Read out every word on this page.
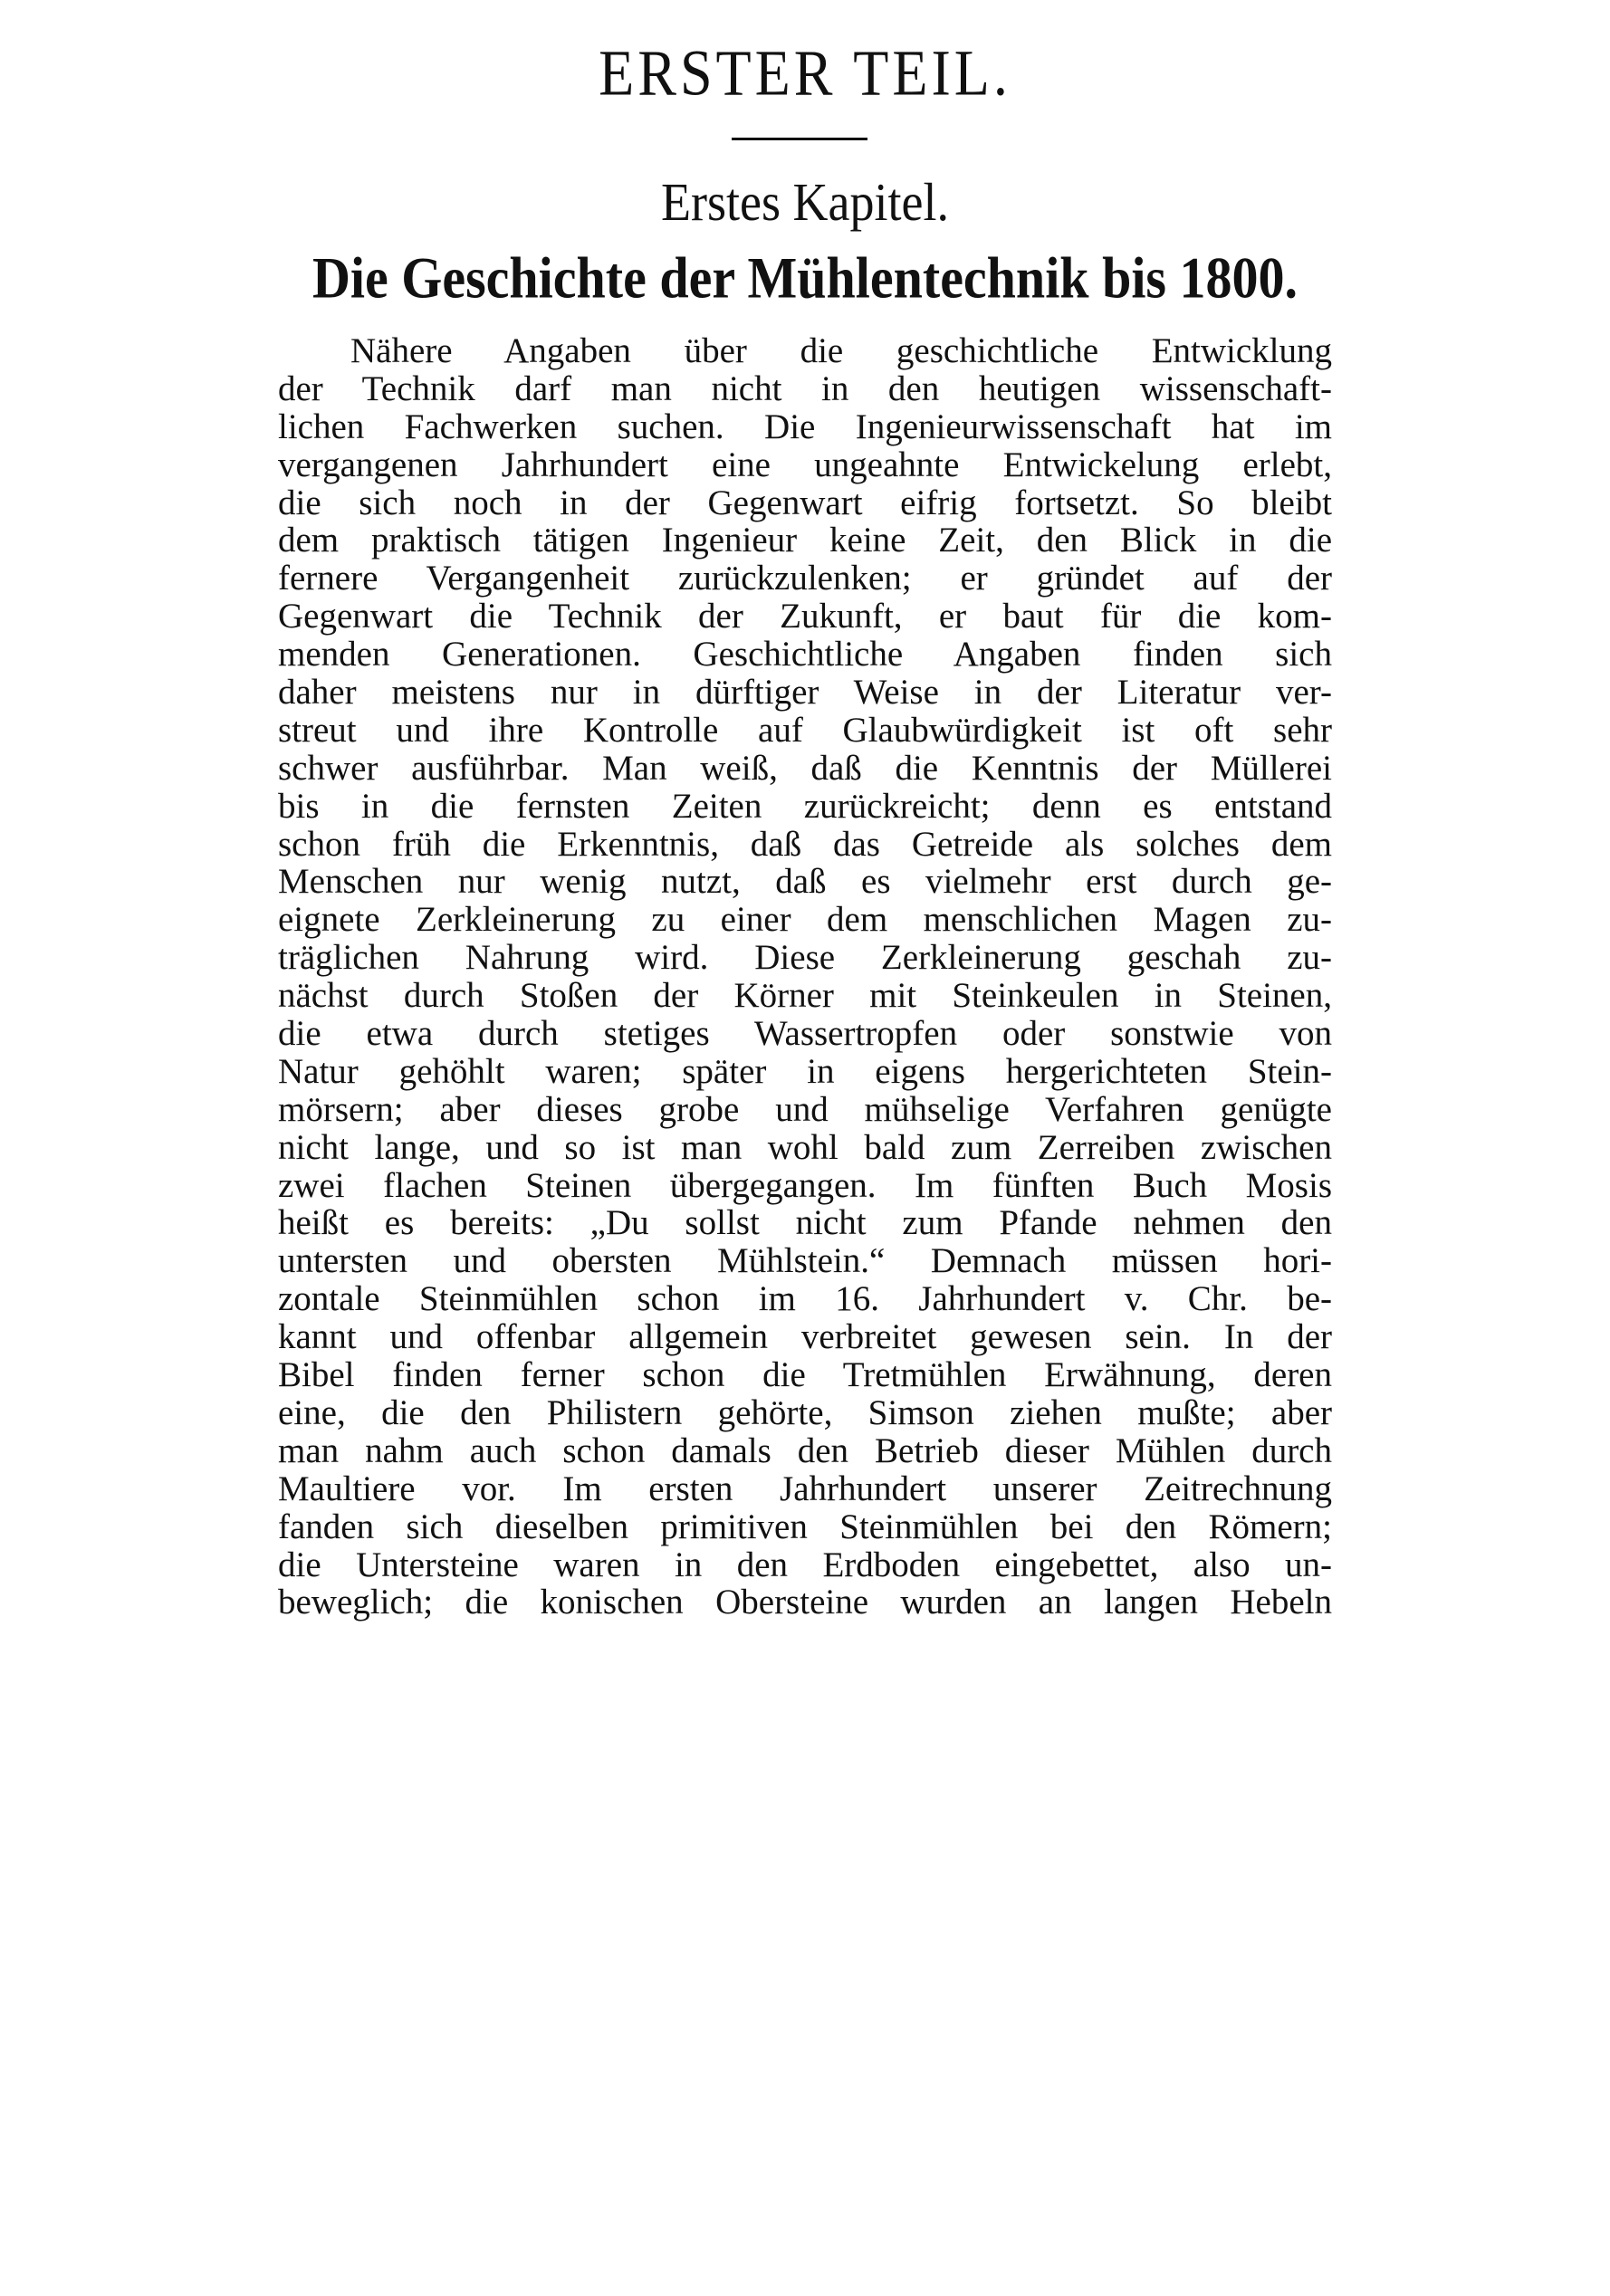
ERSTER TEIL.
Erstes Kapitel.
Die Geschichte der Mühlentechnik bis 1800.
Nähere Angaben über die geschichtliche Entwicklung
der Technik darf man nicht in den heutigen wissenschaft-
lichen Fachwerken suchen. Die Ingenieurwissenschaft hat im
vergangenen Jahrhundert eine ungeahnte Entwickelung erlebt,
die sich noch in der Gegenwart eifrig fortsetzt. So bleibt
dem praktisch tätigen Ingenieur keine Zeit, den Blick in die
fernere Vergangenheit zurückzulenken; er gründet auf der
Gegenwart die Technik der Zukunft, er baut für die kom-
menden Generationen. Geschichtliche Angaben finden sich
daher meistens nur in dürftiger Weise in der Literatur ver-
streut und ihre Kontrolle auf Glaubwürdigkeit ist oft sehr
schwer ausführbar. Man weiß, daß die Kenntnis der Müllerei
bis in die fernsten Zeiten zurückreicht; denn es entstand
schon früh die Erkenntnis, daß das Getreide als solches dem
Menschen nur wenig nutzt, daß es vielmehr erst durch ge-
eignete Zerkleinerung zu einer dem menschlichen Magen zu-
träglichen Nahrung wird. Diese Zerkleinerung geschah zu-
nächst durch Stoßen der Körner mit Steinkeulen in Steinen,
die etwa durch stetiges Wassertropfen oder sonstwie von
Natur gehöhlt waren; später in eigens hergerichteten Stein-
mörsern; aber dieses grobe und mühselige Verfahren genügte
nicht lange, und so ist man wohl bald zum Zerreiben zwischen
zwei flachen Steinen übergegangen. Im fünften Buch Mosis
heißt es bereits: „Du sollst nicht zum Pfande nehmen den
untersten und obersten Mühlstein.“ Demnach müssen hori-
zontale Steinmühlen schon im 16. Jahrhundert v. Chr. be-
kannt und offenbar allgemein verbreitet gewesen sein. In der
Bibel finden ferner schon die Tretmühlen Erwähnung, deren
eine, die den Philistern gehörte, Simson ziehen mußte; aber
man nahm auch schon damals den Betrieb dieser Mühlen durch
Maultiere vor. Im ersten Jahrhundert unserer Zeitrechnung
fanden sich dieselben primitiven Steinmühlen bei den Römern;
die Untersteine waren in den Erdboden eingebettet, also un-
beweglich; die konischen Obersteine wurden an langen Hebeln
